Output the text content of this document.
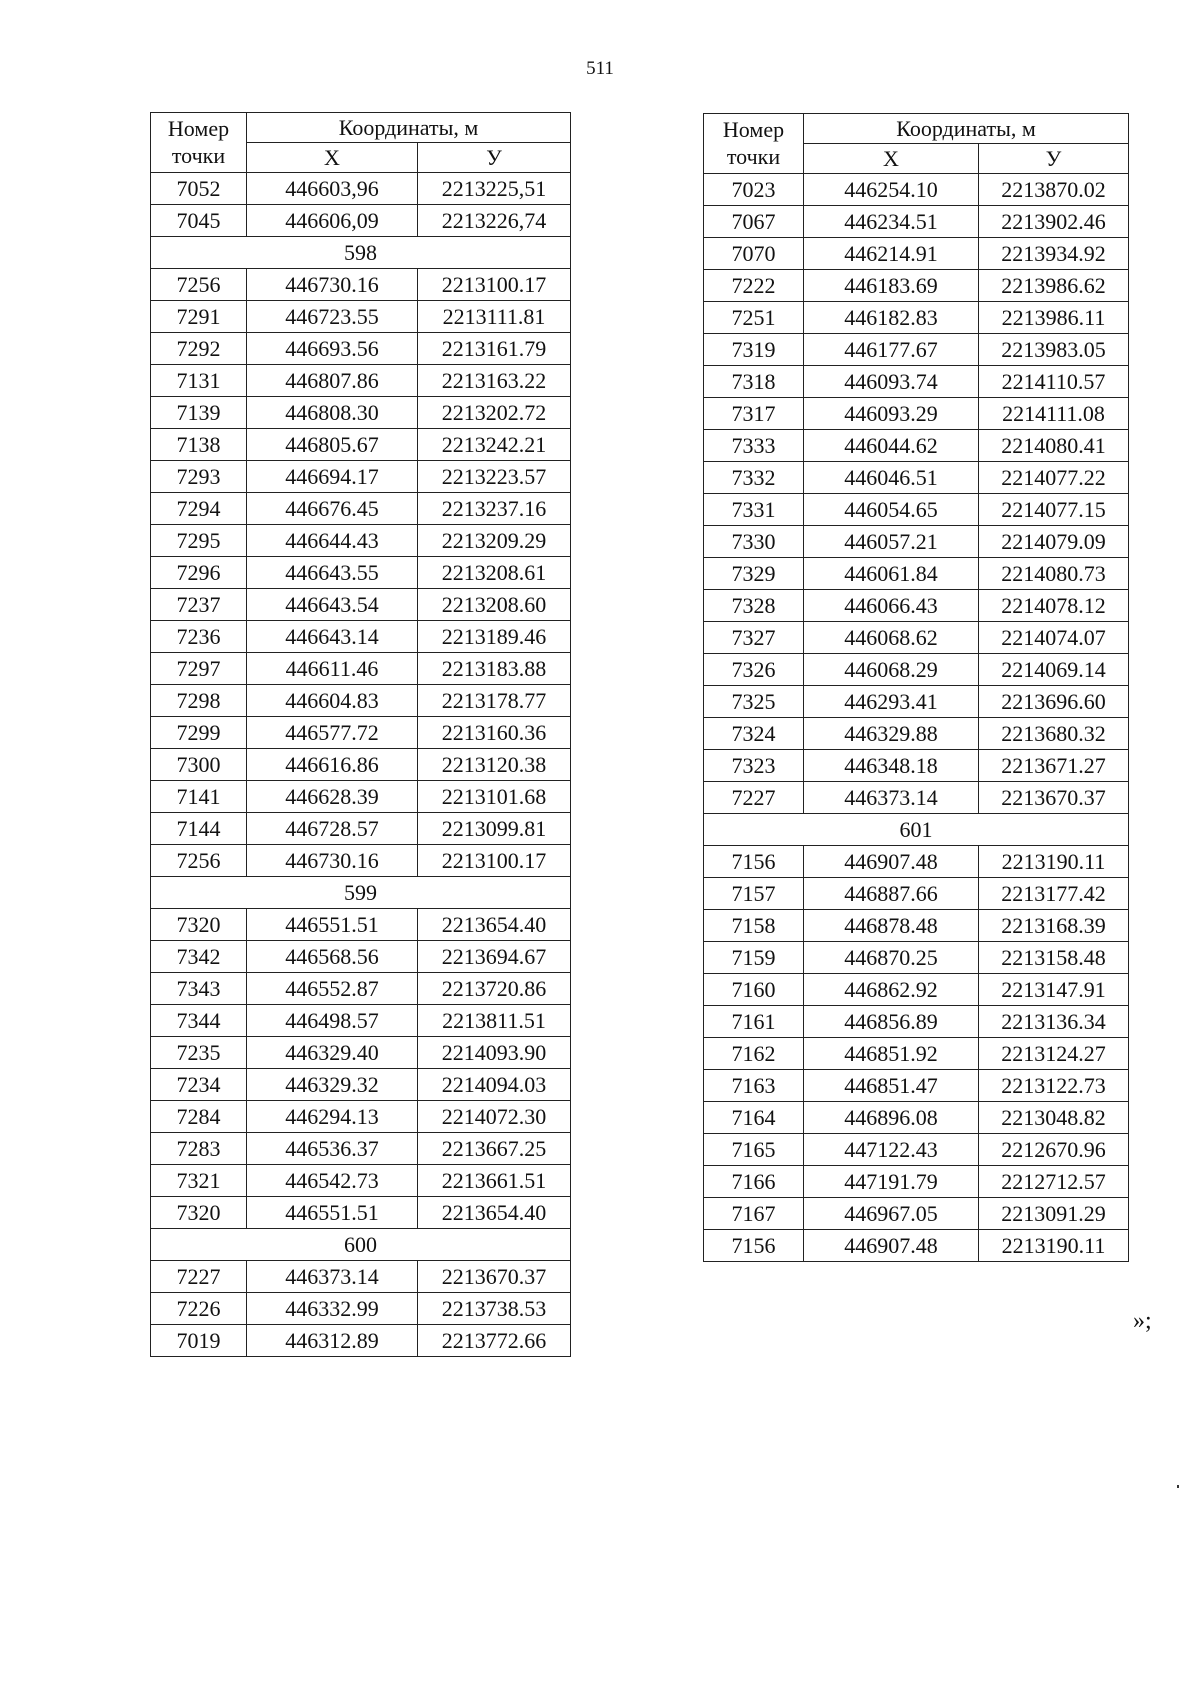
511
Номер точки	Координаты, м	
	X	У
7052	446603,96	2213225,51
7045	446606,09	2213226,74
598		
7256	446730.16	2213100.17
7291	446723.55	2213111.81
7292	446693.56	2213161.79
7131	446807.86	2213163.22
7139	446808.30	2213202.72
7138	446805.67	2213242.21
7293	446694.17	2213223.57
7294	446676.45	2213237.16
7295	446644.43	2213209.29
7296	446643.55	2213208.61
7237	446643.54	2213208.60
7236	446643.14	2213189.46
7297	446611.46	2213183.88
7298	446604.83	2213178.77
7299	446577.72	2213160.36
7300	446616.86	2213120.38
7141	446628.39	2213101.68
7144	446728.57	2213099.81
7256	446730.16	2213100.17
599		
7320	446551.51	2213654.40
7342	446568.56	2213694.67
7343	446552.87	2213720.86
7344	446498.57	2213811.51
7235	446329.40	2214093.90
7234	446329.32	2214094.03
7284	446294.13	2214072.30
7283	446536.37	2213667.25
7321	446542.73	2213661.51
7320	446551.51	2213654.40
600		
7227	446373.14	2213670.37
7226	446332.99	2213738.53
7019	446312.89	2213772.66
Номер точки	Координаты, м	
	X	У
7023	446254.10	2213870.02
7067	446234.51	2213902.46
7070	446214.91	2213934.92
7222	446183.69	2213986.62
7251	446182.83	2213986.11
7319	446177.67	2213983.05
7318	446093.74	2214110.57
7317	446093.29	2214111.08
7333	446044.62	2214080.41
7332	446046.51	2214077.22
7331	446054.65	2214077.15
7330	446057.21	2214079.09
7329	446061.84	2214080.73
7328	446066.43	2214078.12
7327	446068.62	2214074.07
7326	446068.29	2214069.14
7325	446293.41	2213696.60
7324	446329.88	2213680.32
7323	446348.18	2213671.27
7227	446373.14	2213670.37
601		
7156	446907.48	2213190.11
7157	446887.66	2213177.42
7158	446878.48	2213168.39
7159	446870.25	2213158.48
7160	446862.92	2213147.91
7161	446856.89	2213136.34
7162	446851.92	2213124.27
7163	446851.47	2213122.73
7164	446896.08	2213048.82
7165	447122.43	2212670.96
7166	447191.79	2212712.57
7167	446967.05	2213091.29
7156	446907.48	2213190.11
»;
